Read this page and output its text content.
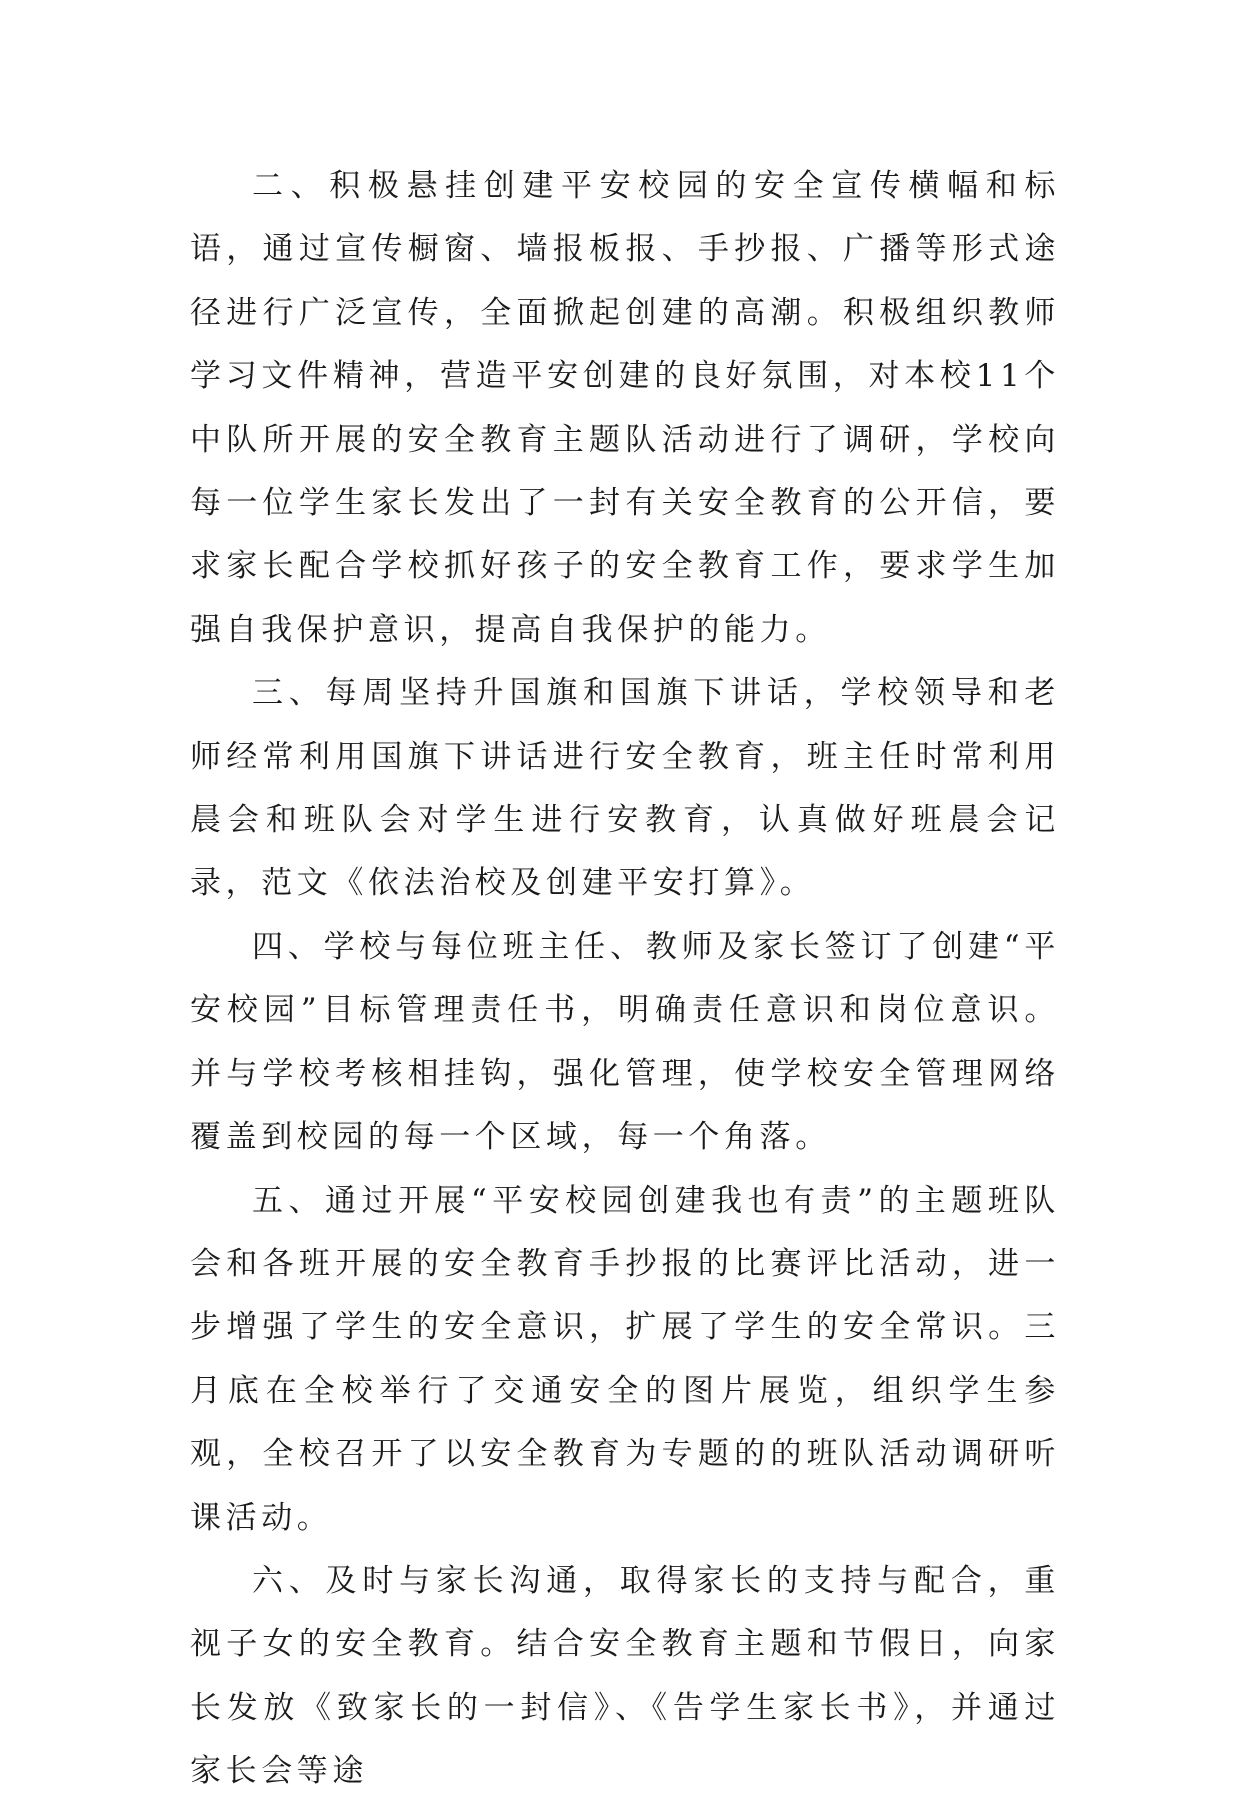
二、积极悬挂创建平安校园的安全宣传横幅和标语，通过宣传橱窗、墙报板报、手抄报、广播等形式途径进行广泛宣传，全面掀起创建的高潮。积极组织教师学习文件精神，营造平安创建的良好氛围，对本校11个中队所开展的安全教育主题队活动进行了调研，学校向每一位学生家长发出了一封有关安全教育的公开信，要求家长配合学校抓好孩子的安全教育工作，要求学生加强自我保护意识，提高自我保护的能力。

三、每周坚持升国旗和国旗下讲话，学校领导和老师经常利用国旗下讲话进行安全教育，班主任时常利用晨会和班队会对学生进行安教育，认真做好班晨会记录，范文《依法治校及创建平安打算》。

四、学校与每位班主任、教师及家长签订了创建“平安校园”目标管理责任书，明确责任意识和岗位意识。并与学校考核相挂钩，强化管理，使学校安全管理网络覆盖到校园的每一个区域，每一个角落。

五、通过开展“平安校园创建我也有责”的主题班队会和各班开展的安全教育手抄报的比赛评比活动，进一步增强了学生的安全意识，扩展了学生的安全常识。三月底在全校举行了交通安全的图片展览，组织学生参观，全校召开了以安全教育为专题的的班队活动调研听课活动。

六、及时与家长沟通，取得家长的支持与配合，重视子女的安全教育。结合安全教育主题和节假日，向家长发放《致家长的一封信》、《告学生家长书》，并通过家长会等途
